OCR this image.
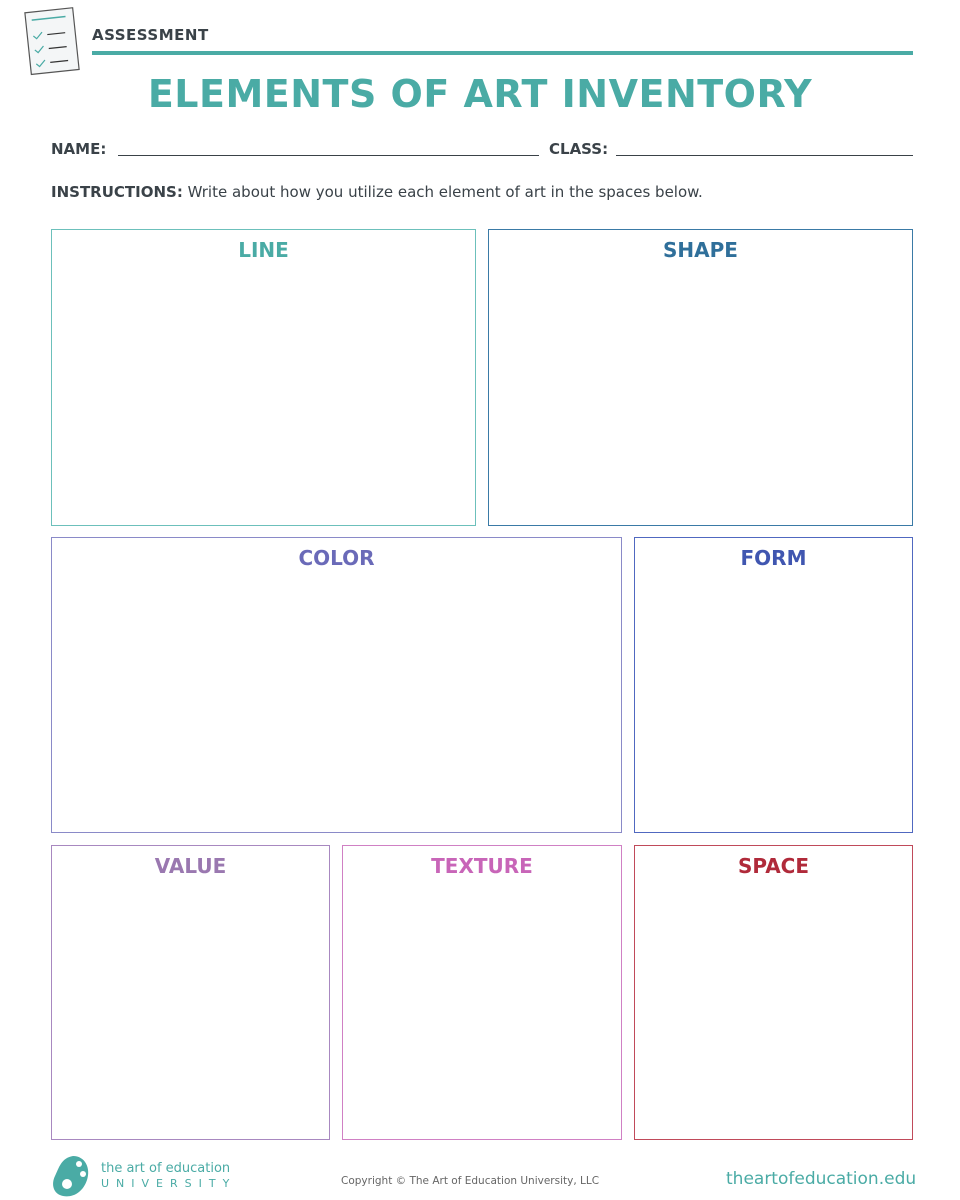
ASSESSMENT
ELEMENTS OF ART INVENTORY
NAME:	CLASS:
INSTRUCTIONS: Write about how you utilize each element of art in the spaces below.
LINE	SHAPE
COLOR	FORM
VALUE	TEXTURE	SPACE
the art of education
UNIVERSITY	Copyright © The Art of Education University, LLC	theartofeducation.edu
